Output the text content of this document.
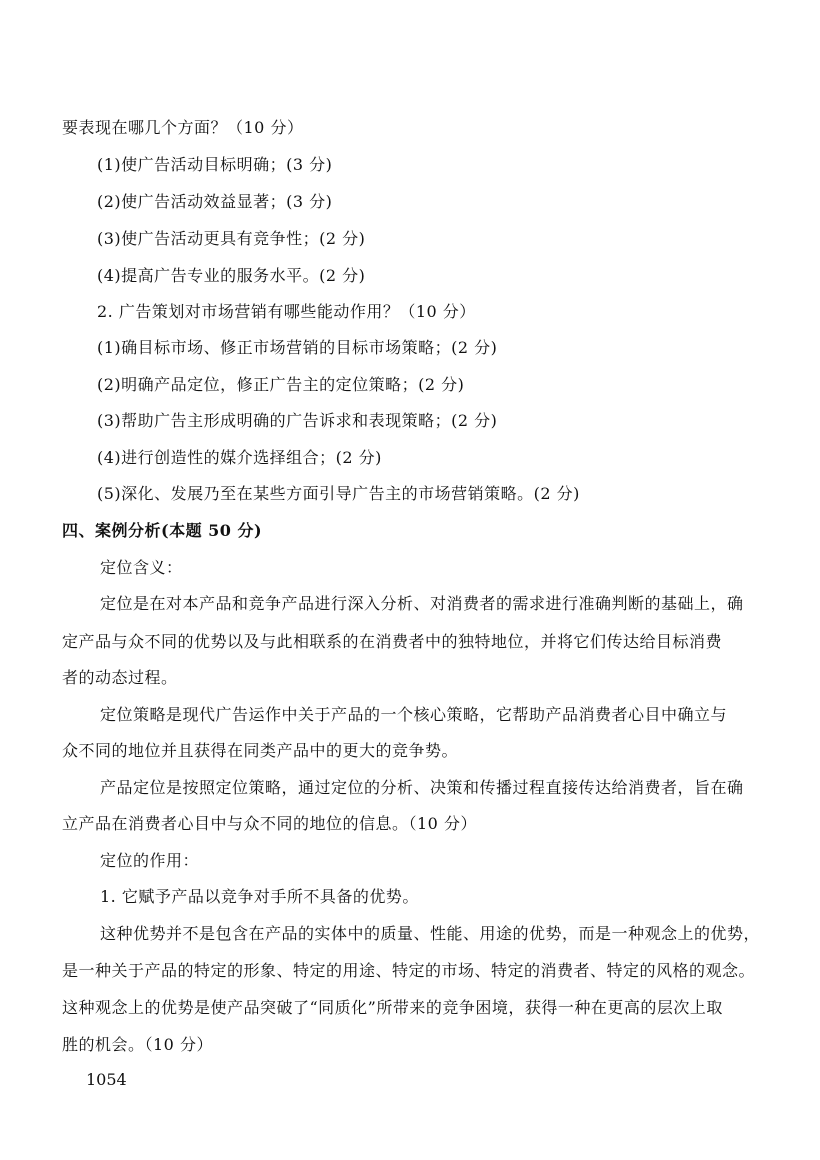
要表现在哪几个方面？（10 分）
(1)使广告活动目标明确；(3 分)
(2)使广告活动效益显著；(3 分)
(3)使广告活动更具有竞争性；(2 分)
(4)提高广告专业的服务水平。(2 分)
2. 广告策划对市场营销有哪些能动作用？（10 分）
(1)确目标市场、修正市场营销的目标市场策略；(2 分)
(2)明确产品定位，修正广告主的定位策略；(2 分)
(3)帮助广告主形成明确的广告诉求和表现策略；(2 分)
(4)进行创造性的媒介选择组合；(2 分)
(5)深化、发展乃至在某些方面引导广告主的市场营销策略。(2 分)
四、案例分析(本题 50 分)
定位含义：
定位是在对本产品和竞争产品进行深入分析、对消费者的需求进行准确判断的基础上，确
定产品与众不同的优势以及与此相联系的在消费者中的独特地位，并将它们传达给目标消费
者的动态过程。
定位策略是现代广告运作中关于产品的一个核心策略，它帮助产品消费者心目中确立与
众不同的地位并且获得在同类产品中的更大的竞争势。
产品定位是按照定位策略，通过定位的分析、决策和传播过程直接传达给消费者，旨在确
立产品在消费者心目中与众不同的地位的信息。（10 分）
定位的作用：
1. 它赋予产品以竞争对手所不具备的优势。
这种优势并不是包含在产品的实体中的质量、性能、用途的优势，而是一种观念上的优势，
是一种关于产品的特定的形象、特定的用途、特定的市场、特定的消费者、特定的风格的观念。
这种观念上的优势是使产品突破了“同质化”所带来的竞争困境，获得一种在更高的层次上取
胜的机会。（10 分）
1054
